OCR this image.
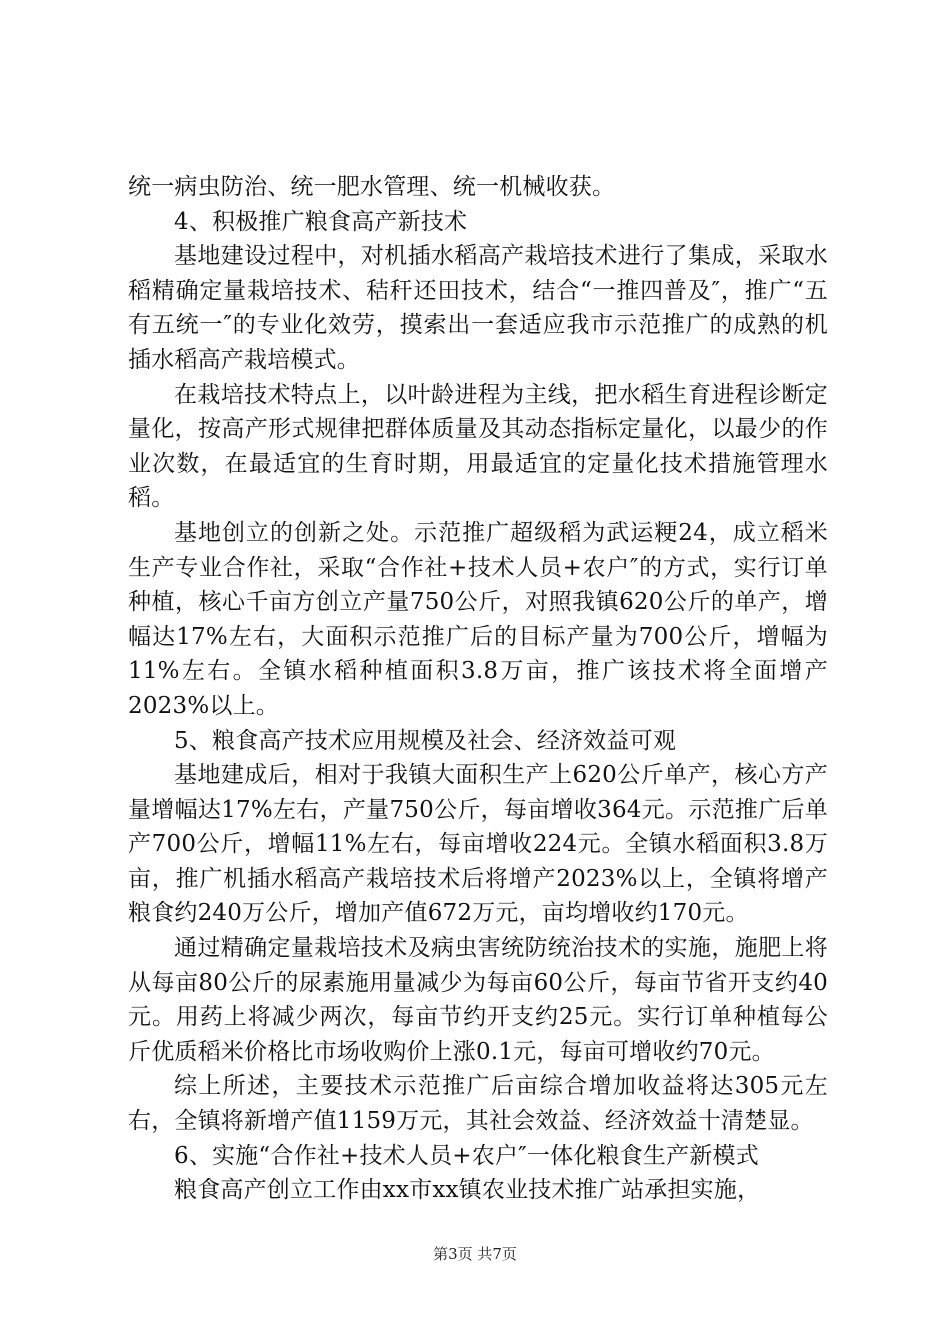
统一病虫防治、统一肥水管理、统一机械收获。

4、积极推广粮食高产新技术

基地建设过程中，对机插水稻高产栽培技术进行了集成，采取水稻精确定量栽培技术、秸秆还田技术，结合“一推四普及″，推广“五有五统一″的专业化效劳，摸索出一套适应我市示范推广的成熟的机插水稻高产栽培模式。

在栽培技术特点上，以叶龄进程为主线，把水稻生育进程诊断定量化，按高产形式规律把群体质量及其动态指标定量化，以最少的作业次数，在最适宜的生育时期，用最适宜的定量化技术措施管理水稻。

基地创立的创新之处。示范推广超级稻为武运粳24，成立稻米生产专业合作社，采取“合作社+技术人员+农户″的方式，实行订单种植，核心千亩方创立产量750公斤，对照我镇620公斤的单产，增幅达17%左右，大面积示范推广后的目标产量为700公斤，增幅为11%左右。全镇水稻种植面积3.8万亩，推广该技术将全面增产2023%以上。

5、粮食高产技术应用规模及社会、经济效益可观

基地建成后，相对于我镇大面积生产上620公斤单产，核心方产量增幅达17%左右，产量750公斤，每亩增收364元。示范推广后单产700公斤，增幅11%左右，每亩增收224元。全镇水稻面积3.8万亩，推广机插水稻高产栽培技术后将增产2023%以上，全镇将增产粮食约240万公斤，增加产值672万元，亩均增收约170元。

通过精确定量栽培技术及病虫害统防统治技术的实施，施肥上将从每亩80公斤的尿素施用量减少为每亩60公斤，每亩节省开支约40元。用药上将减少两次，每亩节约开支约25元。实行订单种植每公斤优质稻米价格比市场收购价上涨0.1元，每亩可增收约70元。

综上所述，主要技术示范推广后亩综合增加收益将达305元左右，全镇将新增产值1159万元，其社会效益、经济效益十清楚显。

6、实施“合作社+技术人员+农户″一体化粮食生产新模式

粮食高产创立工作由xx市xx镇农业技术推广站承担实施，

第3页 共7页
